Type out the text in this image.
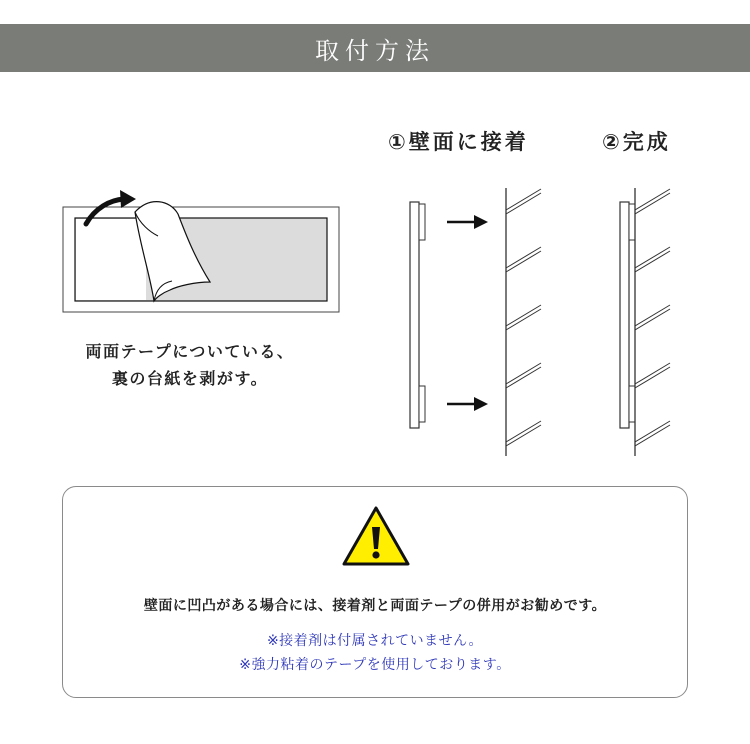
取付方法
①壁面に接着	②完成
両面テープについている、
裏の台紙を剥がす。
壁面に凹凸がある場合には、接着剤と両面テープの併用がお勧めです。
※接着剤は付属されていません。
※強力粘着のテープを使用しております。
